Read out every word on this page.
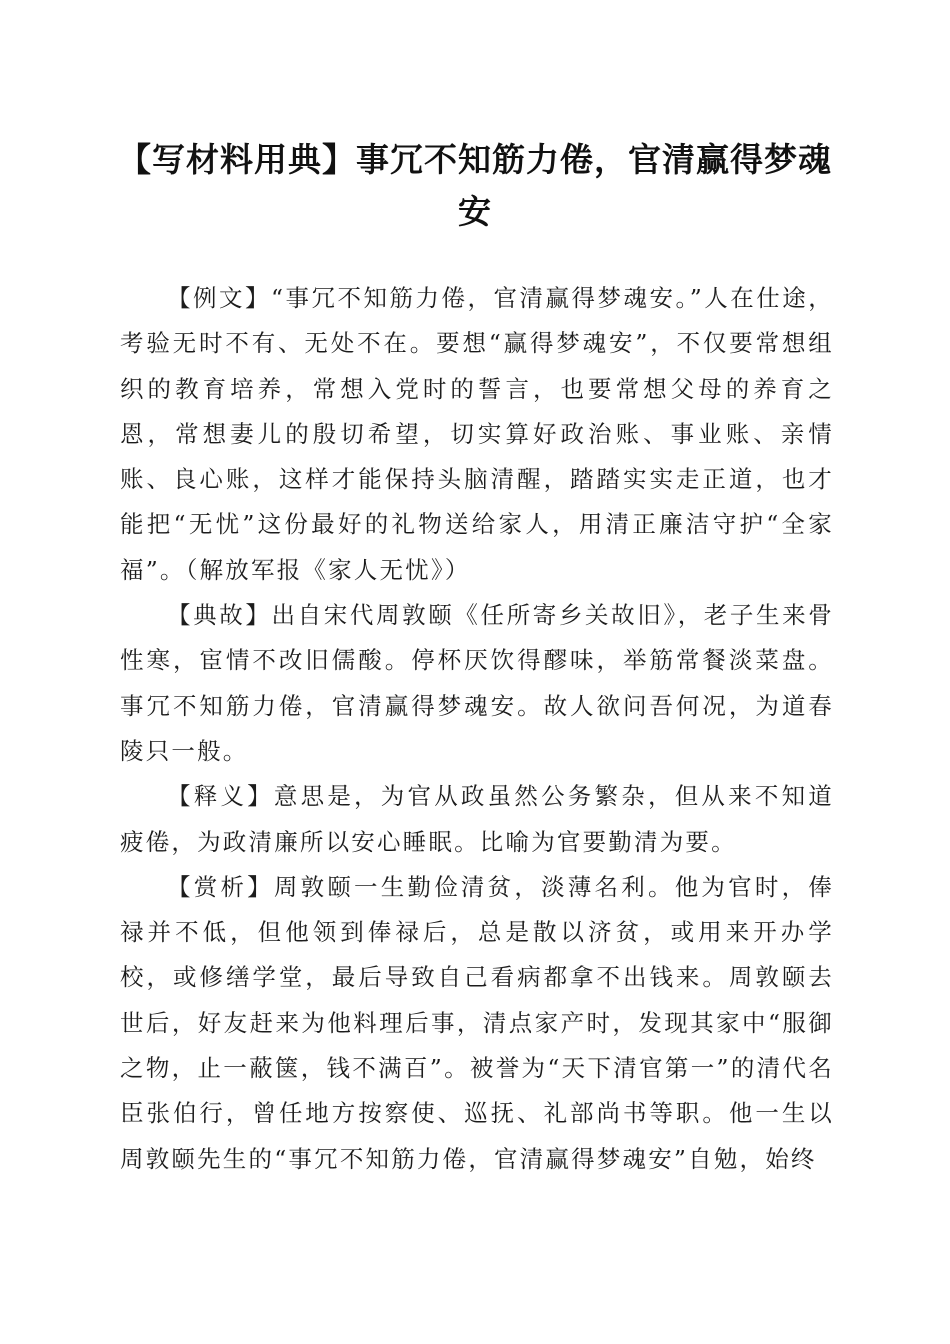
【写材料用典】事冗不知筋力倦，官清赢得梦魂安

【例文】“事冗不知筋力倦，官清赢得梦魂安。”人在仕途，考验无时不有、无处不在。要想“赢得梦魂安”，不仅要常想组织的教育培养，常想入党时的誓言，也要常想父母的养育之恩，常想妻儿的殷切希望，切实算好政治账、事业账、亲情账、良心账，这样才能保持头脑清醒，踏踏实实走正道，也才能把“无忧”这份最好的礼物送给家人，用清正廉洁守护“全家福”。（解放军报《家人无忧》）

【典故】出自宋代周敦颐《任所寄乡关故旧》，老子生来骨性寒，宦情不改旧儒酸。停杯厌饮得醪味，举筋常餐淡菜盘。事冗不知筋力倦，官清赢得梦魂安。故人欲问吾何况，为道春陵只一般。

【释义】意思是，为官从政虽然公务繁杂，但从来不知道疲倦，为政清廉所以安心睡眠。比喻为官要勤清为要。

【赏析】周敦颐一生勤俭清贫，淡薄名利。他为官时，俸禄并不低，但他领到俸禄后，总是散以济贫，或用来开办学校，或修缮学堂，最后导致自己看病都拿不出钱来。周敦颐去世后，好友赶来为他料理后事，清点家产时，发现其家中“服御之物，止一蔽箧，钱不满百”。被誉为“天下清官第一”的清代名臣张伯行，曾任地方按察使、巡抚、礼部尚书等职。他一生以周敦颐先生的“事冗不知筋力倦，官清赢得梦魂安”自勉，始终
